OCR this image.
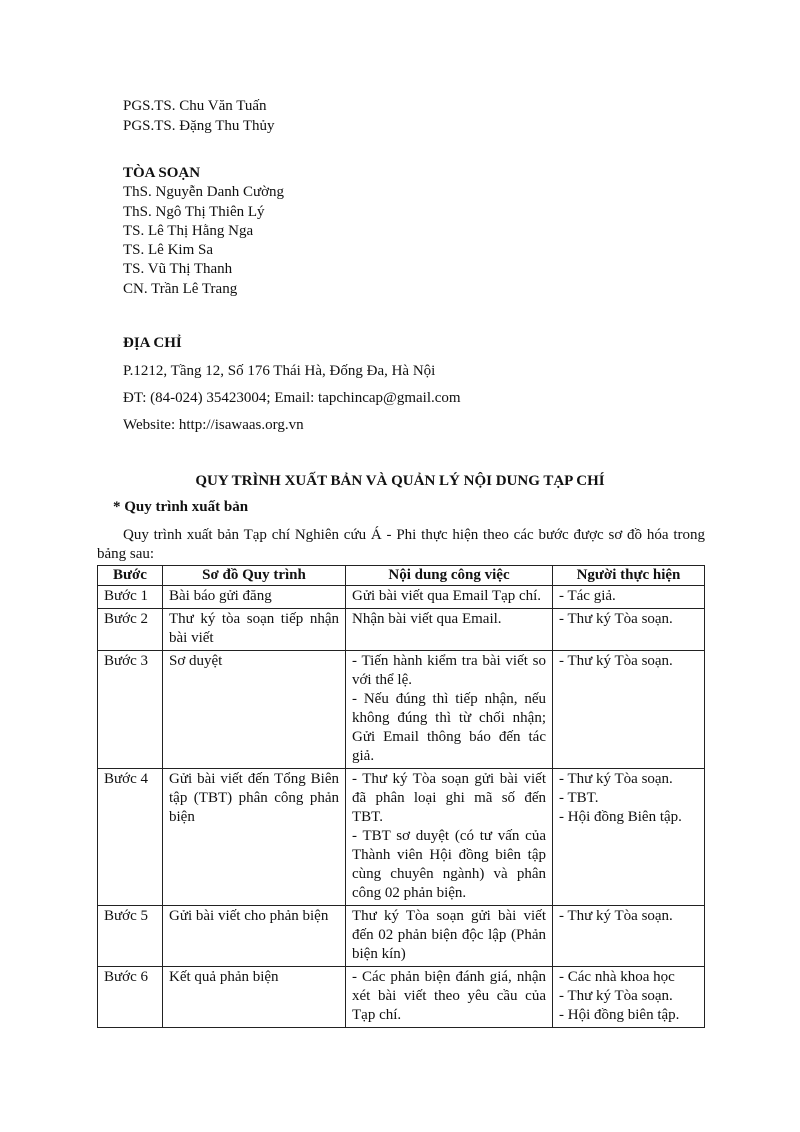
PGS.TS. Chu Văn Tuấn
PGS.TS. Đặng Thu Thủy
TÒA SOẠN
ThS. Nguyễn Danh Cường
ThS. Ngô Thị Thiên Lý
TS. Lê Thị Hằng Nga
TS. Lê Kim Sa
TS. Vũ Thị Thanh
CN. Trần Lê Trang
ĐỊA CHỈ
P.1212, Tầng 12, Số 176 Thái Hà, Đống Đa, Hà Nội
ĐT: (84-024) 35423004; Email: tapchincap@gmail.com
Website: http://isawaas.org.vn
QUY TRÌNH XUẤT BẢN VÀ QUẢN LÝ NỘI DUNG TẠP CHÍ
* Quy trình xuất bản
Quy trình xuất bản Tạp chí Nghiên cứu Á - Phi thực hiện theo các bước được sơ đồ hóa trong bảng sau:
Bước	Sơ đồ Quy trình	Nội dung công việc	Người thực hiện
Bước 1	Bài báo gửi đăng	Gửi bài viết qua Email Tạp chí.	- Tác giả.

Bước 2	Thư ký tòa soạn tiếp nhận bài viết	Nhận bài viết qua Email.	- Thư ký Tòa soạn.

Bước 3	Sơ duyệt	- Tiến hành kiểm tra bài viết so với thể lệ.
- Nếu đúng thì tiếp nhận, nếu không đúng thì từ chối nhận; Gửi Email thông báo đến tác giả.	- Thư ký Tòa soạn.

Bước 4	Gửi bài viết đến Tổng Biên tập (TBT) phân công phản biện	- Thư ký Tòa soạn gửi bài viết đã phân loại ghi mã số đến TBT.
- TBT sơ duyệt (có tư vấn của Thành viên Hội đồng biên tập cùng chuyên ngành) và phân công 02 phản biện.	- Thư ký Tòa soạn.
- TBT.
- Hội đồng Biên tập.

Bước 5	Gửi bài viết cho phản biện	Thư ký Tòa soạn gửi bài viết đến 02 phản biện độc lập (Phản biện kín)	- Thư ký Tòa soạn.

Bước 6	Kết quả phản biện	- Các phản biện đánh giá, nhận xét bài viết theo yêu cầu của Tạp chí.	- Các nhà khoa học
- Thư ký Tòa soạn.
- Hội đồng biên tập.
